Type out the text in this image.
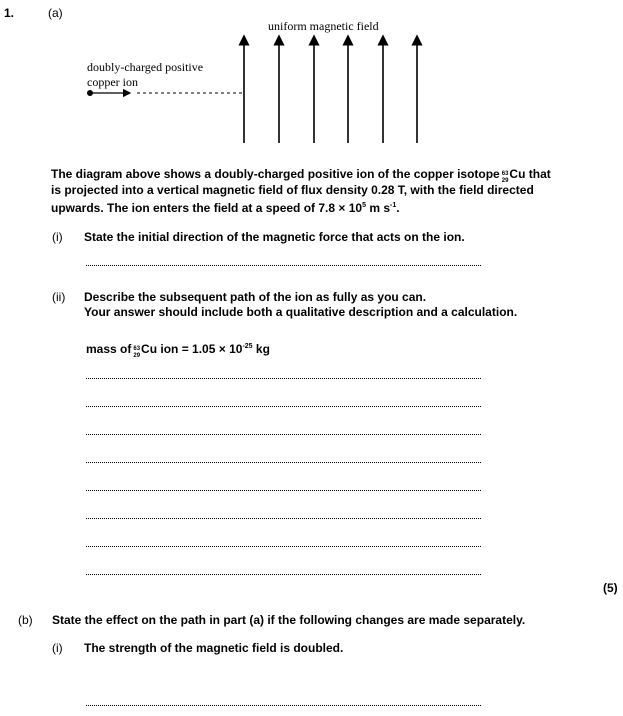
1.	(a)
uniform magnetic field
doubly-charged positive
copper ion
The diagram above shows a doubly-charged positive ion of the copper isotope 63
29 Cu that
is projected into a vertical magnetic field of flux density 0.28 T, with the field directed
upwards. The ion enters the field at a speed of $7.8 \times 10^5$ m $s^{-1}$.
(i) State the initial direction of the magnetic force that acts on the ion.
(ii) Describe the subsequent path of the ion as fully as you can.
Your answer should include both a qualitative description and a calculation.
mass of 63
29 Cu ion = $1.05 \times 10^{-25}$ kg
(5)
(b) State the effect on the path in part (a) if the following changes are made separately.
(i) The strength of the magnetic field is doubled.
